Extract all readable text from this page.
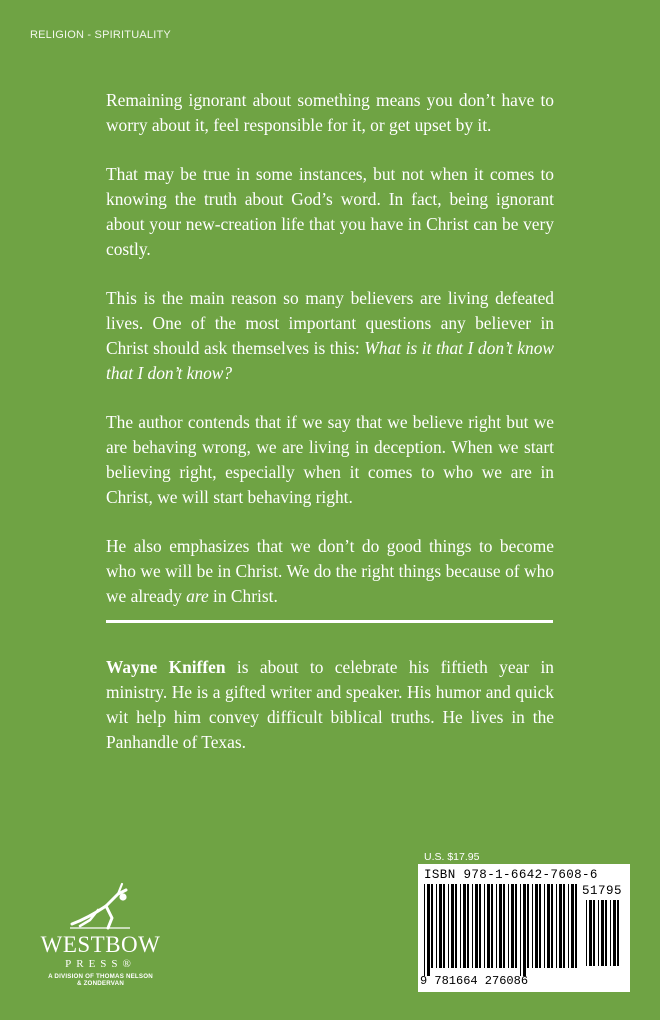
RELIGION - SPIRITUALITY

Remaining ignorant about something means you don’t have to worry about it, feel responsible for it, or get upset by it.

That may be true in some instances, but not when it comes to knowing the truth about God’s word. In fact, being ignorant about your new-creation life that you have in Christ can be very costly.

This is the main reason so many believers are living defeated lives. One of the most important questions any believer in Christ should ask themselves is this: What is it that I don’t know that I don’t know?

The author contends that if we say that we believe right but we are behaving wrong, we are living in deception. When we start believing right, especially when it comes to who we are in Christ, we will start behaving right.

He also emphasizes that we don’t do good things to become who we will be in Christ. We do the right things because of who we already are in Christ.

Wayne Kniffen is about to celebrate his fiftieth year in ministry. He is a gifted writer and speaker. His humor and quick wit help him convey difficult biblical truths. He lives in the Panhandle of Texas.
WESTBOW
PRESS®
A DIVISION OF THOMAS NELSON
& ZONDERVAN
U.S. $17.95
ISBN 978-1-6642-7608-6
9 781664 276086
51795
